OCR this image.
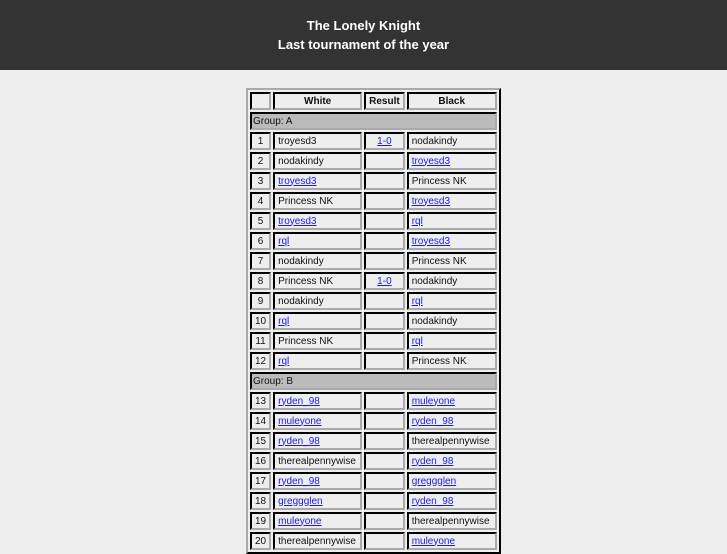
The Lonely Knight
Last tournament of the year
	White	Result	Black
Group: A			
1	troyesd3	1-0	nodakindy
2	nodakindy		troyesd3
3	troyesd3		Princess NK
4	Princess NK		troyesd3
5	troyesd3		rql
6	rql		troyesd3
7	nodakindy		Princess NK
8	Princess NK	1-0	nodakindy
9	nodakindy		rql
10	rql		nodakindy
11	Princess NK		rql
12	rql		Princess NK
Group: B			
13	ryden_98		muleyone
14	muleyone		ryden_98
15	ryden_98		therealpennywise
16	therealpennywise		ryden_98
17	ryden_98		greggglen
18	greggglen		ryden_98
19	muleyone		therealpennywise
20	therealpennywise		muleyone
